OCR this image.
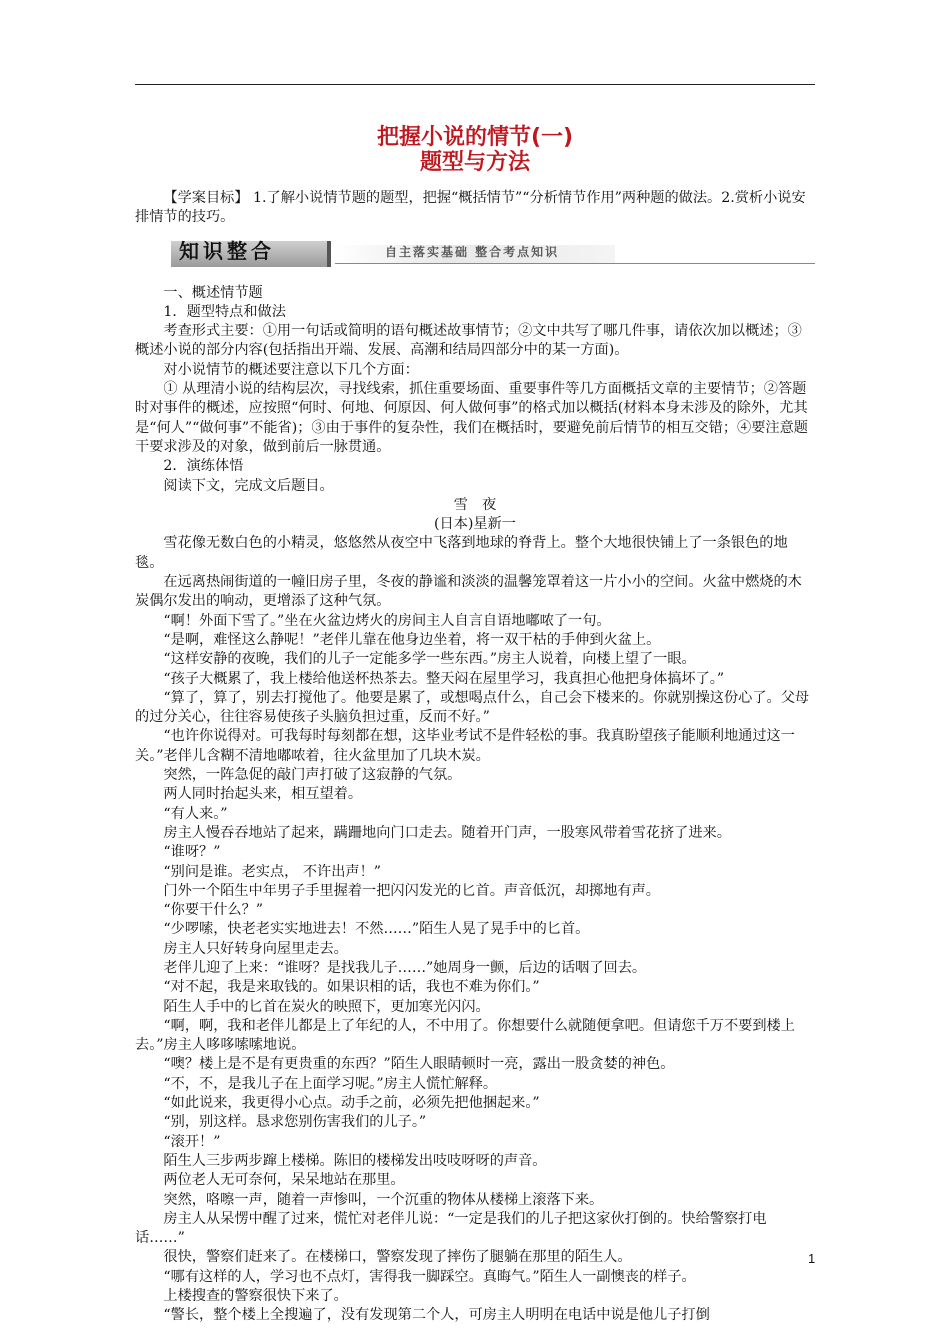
把握小说的情节(一)
题型与方法

【学案目标】 1.了解小说情节题的题型，把握“概括情节”“分析情节作用”两种题的做法。2.赏析小说安排情节的技巧。

知识整合	自主落实基础 整合考点知识

一、概述情节题

1．题型特点和做法

考查形式主要：①用一句话或简明的语句概述故事情节；②文中共写了哪几件事，请依次加以概述；③概述小说的部分内容(包括指出开端、发展、高潮和结局四部分中的某一方面)。

对小说情节的概述要注意以下几个方面：

① 从理清小说的结构层次，寻找线索，抓住重要场面、重要事件等几方面概括文章的主要情节；②答题时对事件的概述，应按照“何时、何地、何原因、何人做何事”的格式加以概括(材料本身未涉及的除外，尤其是“何人”“做何事”不能省)；③由于事件的复杂性，我们在概括时，要避免前后情节的相互交错；④要注意题干要求涉及的对象，做到前后一脉贯通。

2．演练体悟

阅读下文，完成文后题目。

雪　夜

(日本)星新一

雪花像无数白色的小精灵，悠悠然从夜空中飞落到地球的脊背上。整个大地很快铺上了一条银色的地毯。

在远离热闹街道的一幢旧房子里，冬夜的静谧和淡淡的温馨笼罩着这一片小小的空间。火盆中燃烧的木炭偶尔发出的响动，更增添了这种气氛。

“啊！外面下雪了。”坐在火盆边烤火的房间主人自言自语地嘟哝了一句。

“是啊，难怪这么静呢！”老伴儿靠在他身边坐着，将一双干枯的手伸到火盆上。

“这样安静的夜晚，我们的儿子一定能多学一些东西。”房主人说着，向楼上望了一眼。

“孩子大概累了，我上楼给他送杯热茶去。整天闷在屋里学习，我真担心他把身体搞坏了。”

“算了，算了，别去打搅他了。他要是累了，或想喝点什么，自己会下楼来的。你就别操这份心了。父母的过分关心，往往容易使孩子头脑负担过重，反而不好。”

“也许你说得对。可我每时每刻都在想，这毕业考试不是件轻松的事。我真盼望孩子能顺利地通过这一关。”老伴儿含糊不清地嘟哝着，往火盆里加了几块木炭。

突然，一阵急促的敲门声打破了这寂静的气氛。

两人同时抬起头来，相互望着。

“有人来。”

房主人慢吞吞地站了起来，蹒跚地向门口走去。随着开门声，一股寒风带着雪花挤了进来。

“谁呀？”

“别问是谁。老实点， 不许出声！”

门外一个陌生中年男子手里握着一把闪闪发光的匕首。声音低沉，却掷地有声。

“你要干什么？”

“少啰嗦，快老老实实地进去！不然……”陌生人晃了晃手中的匕首。

房主人只好转身向屋里走去。

老伴儿迎了上来：“谁呀？是找我儿子……”她周身一颤，后边的话咽了回去。

“对不起，我是来取钱的。如果识相的话，我也不难为你们。”

陌生人手中的匕首在炭火的映照下，更加寒光闪闪。

“啊，啊，我和老伴儿都是上了年纪的人，不中用了。你想要什么就随便拿吧。但请您千万不要到楼上去。”房主人哆哆嗦嗦地说。

“噢？楼上是不是有更贵重的东西？”陌生人眼睛顿时一亮，露出一股贪婪的神色。

“不，不，是我儿子在上面学习呢。”房主人慌忙解释。

“如此说来，我更得小心点。动手之前，必须先把他捆起来。”

“别，别这样。恳求您别伤害我们的儿子。”

“滚开！”

陌生人三步两步蹿上楼梯。陈旧的楼梯发出吱吱呀呀的声音。

两位老人无可奈何，呆呆地站在那里。

突然，咯嚓一声，随着一声惨叫，一个沉重的物体从楼梯上滚落下来。

房主人从呆愣中醒了过来，慌忙对老伴儿说：“一定是我们的儿子把这家伙打倒的。快给警察打电话……”

很快，警察们赶来了。在楼梯口，警察发现了摔伤了腿躺在那里的陌生人。

“哪有这样的人，学习也不点灯，害得我一脚踩空。真晦气。”陌生人一副懊丧的样子。

上楼搜查的警察很快下来了。

“警长，整个楼上全搜遍了，没有发现第二个人，可房主人明明在电话中说是他儿子打倒

1
